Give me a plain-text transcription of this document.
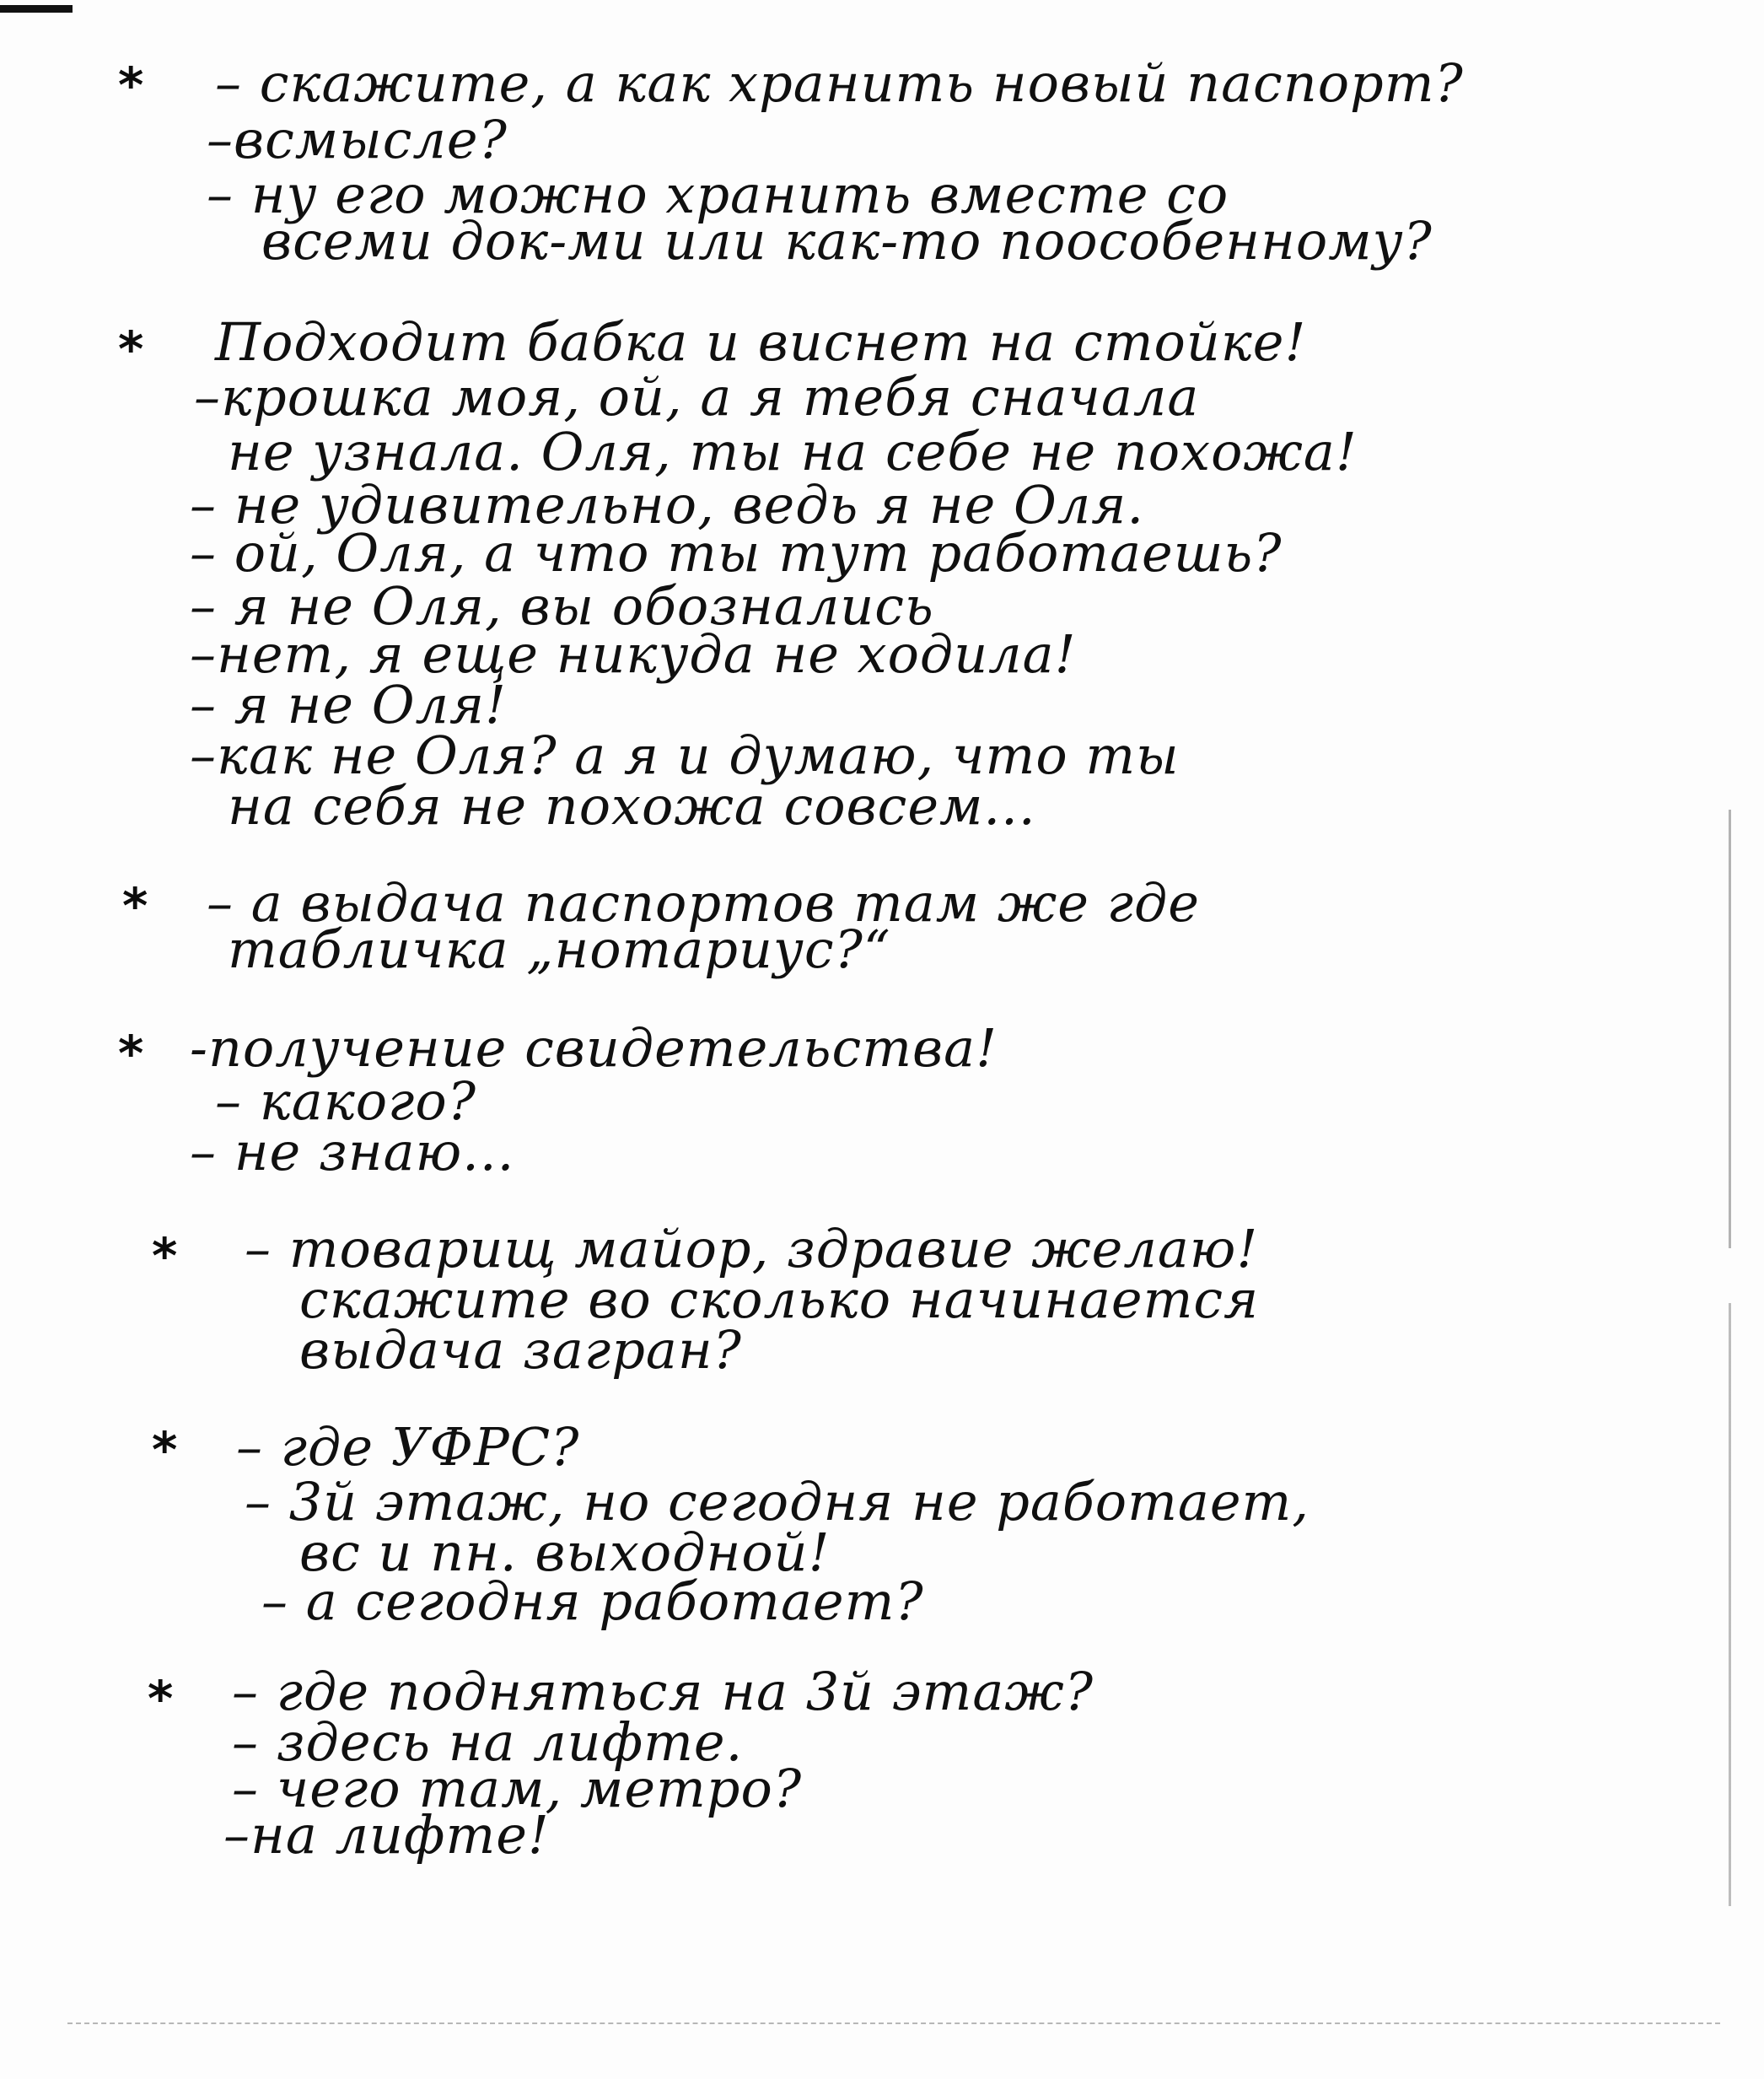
* – скажите, а как хранить новый паспорт?
–всмысле?
– ну его можно хранить вместе со
всеми док-ми или как-то поособенному?
* Подходит бабка и виснет на стойке!
–крошка моя, ой, а я тебя сначала
не узнала. Оля, ты на себе не похожа!
– не удивительно, ведь я не Оля.
– ой, Оля, а что ты тут работаешь?
– я не Оля, вы обознались
–нет, я еще никуда не ходила!
– я не Оля!
–как не Оля? а я и думаю, что ты
на себя не похожа совсем...
* – а выдача паспортов там же где
табличка „нотариус?“
* -получение свидетельства!
– какого?
– не знаю...
* – товарищ майор, здравие желаю!
скажите во сколько начинается
выдача загран?
* – где УФРС?
– 3й этаж, но сегодня не работает,
вс и пн. выходной!
– а сегодня работает?
* – где подняться на 3й этаж?
– здесь на лифте.
– чего там, метро?
–на лифте!
